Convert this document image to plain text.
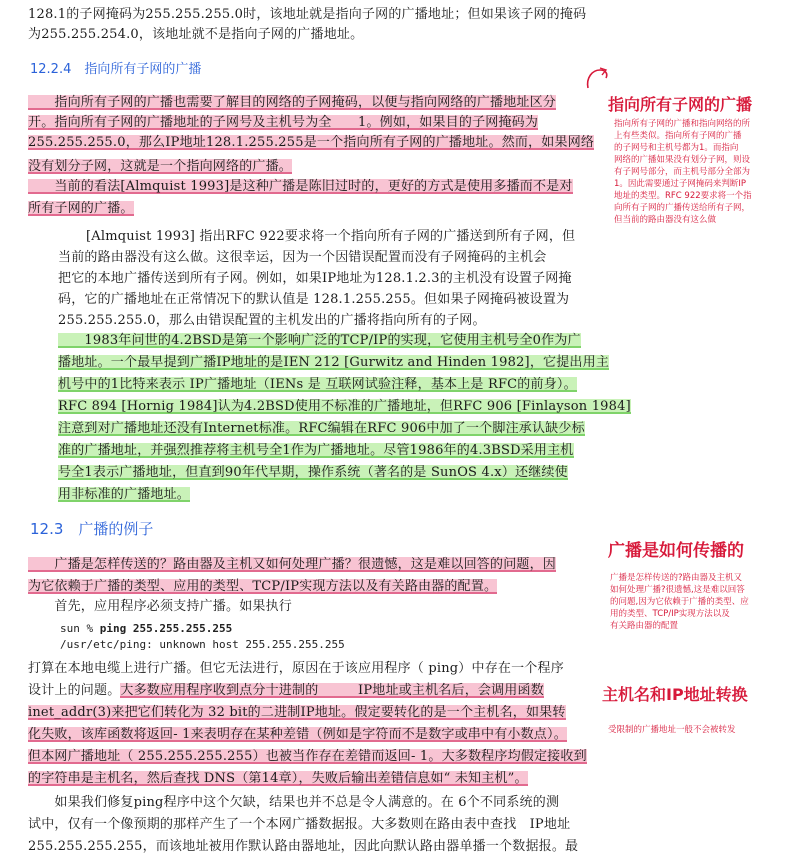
128.1的子网掩码为255.255.255.0时，该地址就是指向子网的广播地址；但如果该子网的掩码
为255.255.254.0，该地址就不是指向子网的广播地址。
12.2.4　指向所有子网的广播
　　指向所有子网的广播也需要了解目的网络的子网掩码，以便与指向网络的广播地址区分
开。指向所有子网的广播地址的子网号及主机号为全　　1。例如，如果目的子网掩码为
255.255.255.0，那么IP地址128.1.255.255是一个指向所有子网的广播地址。然而，如果网络
没有划分子网，这就是一个指向网络的广播。
　　当前的看法[Almquist 1993]是这种广播是陈旧过时的，更好的方式是使用多播而不是对
所有子网的广播。
[Almquist 1993] 指出RFC 922要求将一个指向所有子网的广播送到所有子网，但
当前的路由器没有这么做。这很幸运，因为一个因错误配置而没有子网掩码的主机会
把它的本地广播传送到所有子网。例如，如果IP地址为128.1.2.3的主机没有设置子网掩
码，它的广播地址在正常情况下的默认值是 128.1.255.255。但如果子网掩码被设置为
255.255.255.0，那么由错误配置的主机发出的广播将指向所有的子网。
　　1983年问世的4.2BSD是第一个影响广泛的TCP/IP的实现，它使用主机号全0作为广
播地址。一个最早提到广播IP地址的是IEN 212 [Gurwitz and Hinden 1982]，它提出用主
机号中的1比特来表示 IP广播地址（IENs 是 互联网试验注释，基本上是 RFC的前身）。
RFC 894 [Hornig 1984]认为4.2BSD使用不标准的广播地址，但RFC 906 [Finlayson 1984]
注意到对广播地址还没有Internet标准。RFC编辑在RFC 906中加了一个脚注承认缺少标
准的广播地址，并强烈推荐将主机号全1作为广播地址。尽管1986年的4.3BSD采用主机
号全1表示广播地址，但直到90年代早期，操作系统（著名的是 SunOS 4.x）还继续使
用非标准的广播地址。
12.3　广播的例子
　　广播是怎样传送的？路由器及主机又如何处理广播？很遗憾，这是难以回答的问题，因
为它依赖于广播的类型、应用的类型、TCP/IP实现方法以及有关路由器的配置。
　　首先，应用程序必须支持广播。如果执行
sun % ping 255.255.255.255
/usr/etc/ping: unknown host 255.255.255.255
打算在本地电缆上进行广播。但它无法进行，原因在于该应用程序（ ping）中存在一个程序
设计上的问题。大多数应用程序收到点分十进制的　　　IP地址或主机名后，会调用函数
inet_addr(3)来把它们转化为 32 bit的二进制IP地址。假定要转化的是一个主机名，如果转
化失败，该库函数将返回- 1来表明存在某种差错（例如是字符而不是数字或串中有小数点）。
但本网广播地址（ 255.255.255.255）也被当作存在差错而返回- 1。大多数程序均假定接收到
的字符串是主机名，然后查找 DNS（第14章），失败后输出差错信息如“ 未知主机”。
　　如果我们修复ping程序中这个欠缺，结果也并不总是令人满意的。在 6个不同系统的测
试中，仅有一个像预期的那样产生了一个本网广播数据报。大多数则在路由表中查找　IP地址
255.255.255.255，而该地址被用作默认路由器地址，因此向默认路由器单播一个数据报。最
指向所有子网的广播
指向所有子网的广播和指向网络的所
上有些类似。指向所有子网的广播
的子网号和主机号都为1。而指向
网络的广播如果没有划分子网，则设
有子网号部分，而主机号部分全部为
1。因此需要通过子网掩码来判断IP
地址的类型。RFC 922要求将一个指
向所有子网的广播传送给所有子网，
但当前的路由器没有这么做
广播是如何传播的
广播是怎样传送的?路由器及主机又
如何处理广播?很遗憾,这是难以回答
的问题,因为它依赖于广播的类型、应
用的类型、TCP/IP实现方法以及
有关路由器的配置
主机名和IP地址转换
受限制的广播地址一般不会被转发
